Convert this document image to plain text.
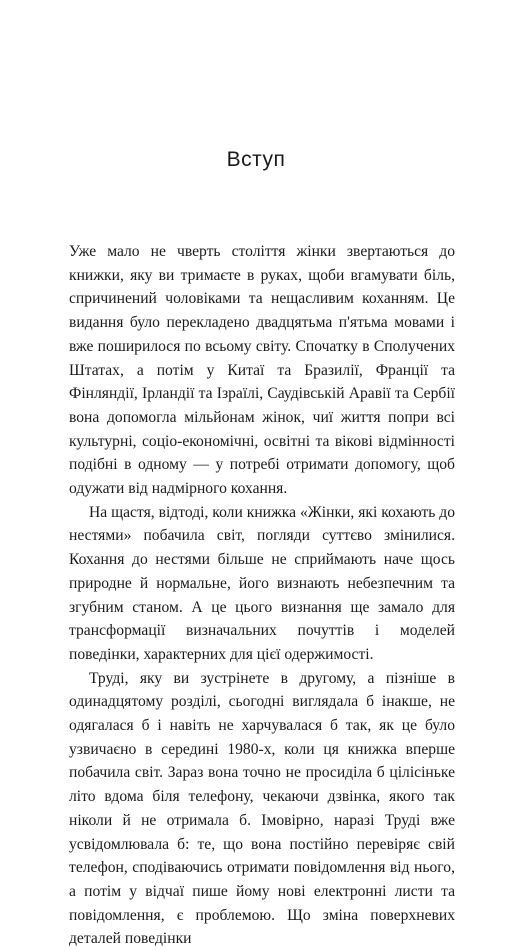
Вступ

Уже мало не чверть століття жінки звертаються до книжки, яку ви тримаєте в руках, щоби вгамувати біль, спричинений чоловіками та нещасливим коханням. Це видання було перекладено двадцятьма п'ятьма мовами і вже поширилося по всьому світу. Спочатку в Сполучених Штатах, а потім у Китаї та Бразилії, Франції та Фінляндії, Ірландії та Ізраїлі, Саудівській Аравії та Сербії вона допомогла мільйонам жінок, чиї життя попри всі культурні, соціо-економічні, освітні та вікові відмінності подібні в одному — у потребі отримати допомогу, щоб одужати від надмірного кохання.

На щастя, відтоді, коли книжка «Жінки, які кохають до нестями» побачила світ, погляди суттєво змінилися. Кохання до нестями більше не сприймають наче щось природне й нормальне, його визнають небезпечним та згубним станом. А це цього визнання ще замало для трансформації визначальних почуттів і моделей поведінки, характерних для цієї одержимості.

Труді, яку ви зустрінете в другому, а пізніше в одинадцятому розділі, сьогодні виглядала б інакше, не одягалася б і навіть не харчувалася б так, як це було узвичаєно в середині 1980-х, коли ця книжка вперше побачила світ. Зараз вона точно не просиділа б цілісіньке літо вдома біля телефону, чекаючи дзвінка, якого так ніколи й не отримала б. Імовірно, наразі Труді вже усвідомлювала б: те, що вона постійно перевіряє свій телефон, сподіваючись отримати повідомлення від нього, а потім у відчаї пише йому нові електронні листи та повідомлення, є проблемою. Що зміна поверхневих деталей поведінки
